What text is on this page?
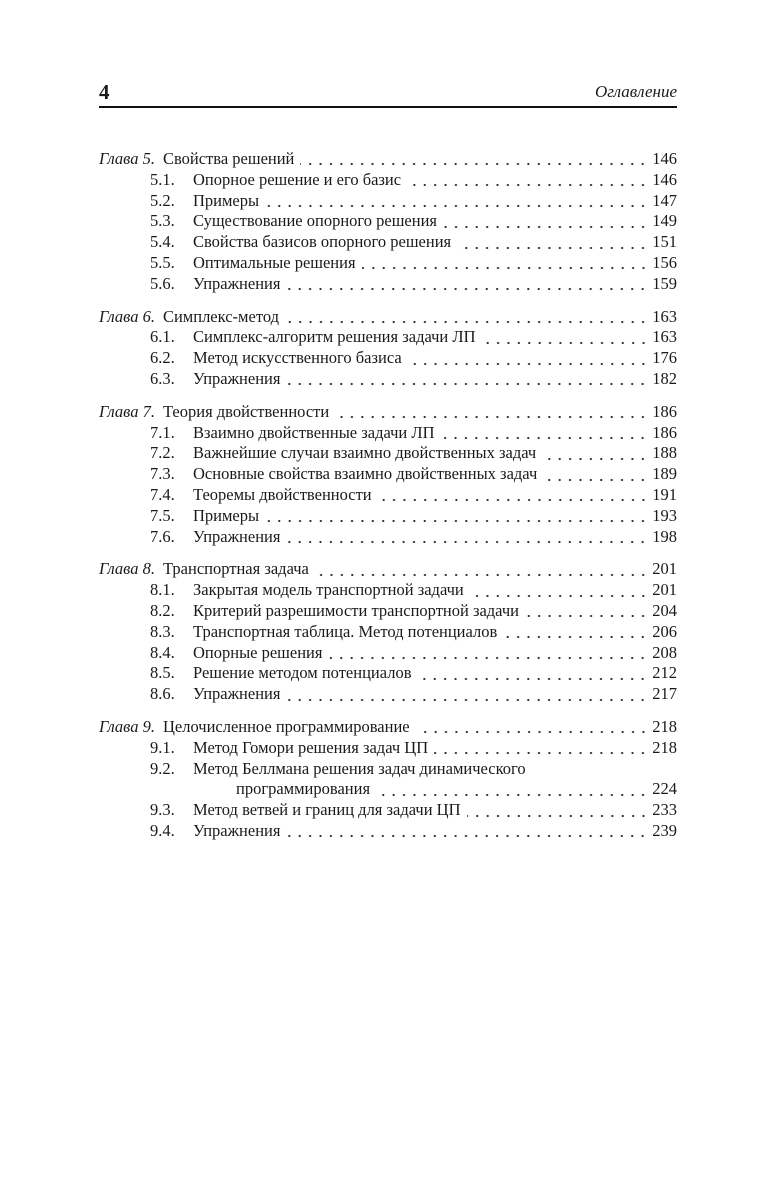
4	Оглавление
Глава 5. Свойства решений	146
5.1.	Опорное решение и его базис	146
5.2.	Примеры	147
5.3.	Существование опорного решения	149
5.4.	Свойства базисов опорного решения	151
5.5.	Оптимальные решения	156
5.6.	Упражнения	159
Глава 6. Симплекс-метод	163
6.1.	Симплекс-алгоритм решения задачи ЛП	163
6.2.	Метод искусственного базиса	176
6.3.	Упражнения	182
Глава 7. Теория двойственности	186
7.1.	Взаимно двойственные задачи ЛП	186
7.2.	Важнейшие случаи взаимно двойственных задач	188
7.3.	Основные свойства взаимно двойственных задач	189
7.4.	Теоремы двойственности	191
7.5.	Примеры	193
7.6.	Упражнения	198
Глава 8. Транспортная задача	201
8.1.	Закрытая модель транспортной задачи	201
8.2.	Критерий разрешимости транспортной задачи	204
8.3.	Транспортная таблица. Метод потенциалов	206
8.4.	Опорные решения	208
8.5.	Решение методом потенциалов	212
8.6.	Упражнения	217
Глава 9. Целочисленное программирование	218
9.1.	Метод Гомори решения задач ЦП	218
9.2.	Метод Беллмана решения задач динамического
программирования	224
9.3.	Метод ветвей и границ для задачи ЦП	233
9.4.	Упражнения	239
